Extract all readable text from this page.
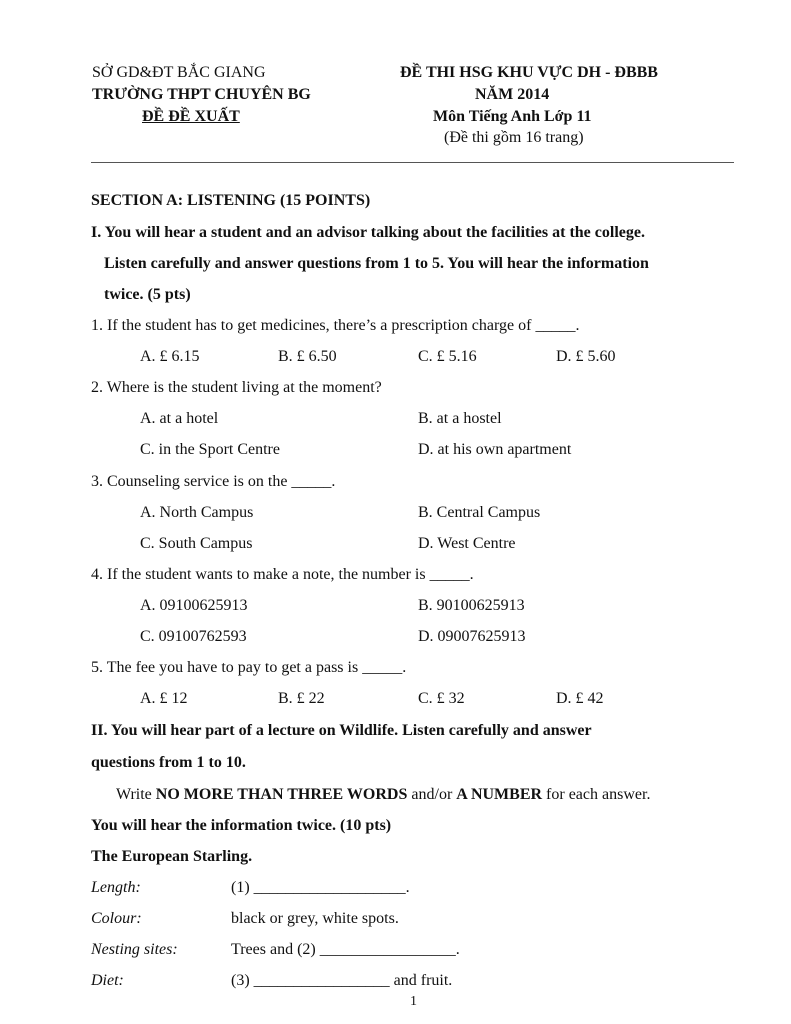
SỞ GD&ĐT BẮC GIANG
TRƯỜNG THPT CHUYÊN BG
ĐỀ ĐỀ XUẤT
ĐỀ THI HSG KHU VỰC DH - ĐBBB
NĂM 2014
Môn Tiếng Anh Lớp 11
(Đề thi gồm 16 trang)
SECTION A: LISTENING (15 POINTS)
I. You will hear a student and an advisor talking about the facilities at the college.
Listen carefully and answer questions from 1 to 5. You will hear the information
twice. (5 pts)
1. If the student has to get medicines, there’s a prescription charge of _____.
A. £ 6.15	B. £ 6.50	C. £ 5.16	D. £ 5.60
2. Where is the student living at the moment?
A. at a hotel	B. at a hostel
C. in the Sport Centre	D. at his own apartment
3. Counseling service is on the _____.
A. North Campus	B. Central Campus
C. South Campus	D. West Centre
4. If the student wants to make a note, the number is _____.
A. 09100625913	B. 90100625913
C. 09100762593	D. 09007625913
5. The fee you have to pay to get a pass is _____.
A. £ 12	B. £ 22	C. £ 32	D. £ 42
II. You will hear part of a lecture on Wildlife. Listen carefully and answer
questions from 1 to 10.
Write NO MORE THAN THREE WORDS and/or A NUMBER for each answer.
You will hear the information twice. (10 pts)
The European Starling.
Length:	(1) ___________________.
Colour:	black or grey, white spots.
Nesting sites:	Trees and (2) _________________.
Diet:	(3) _________________ and fruit.
1
